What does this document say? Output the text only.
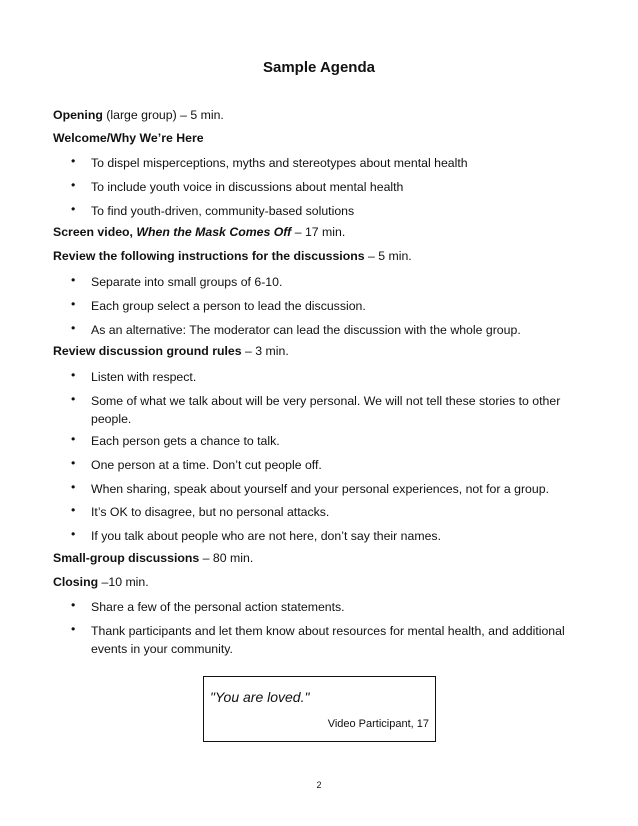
Sample Agenda
Opening (large group) – 5 min.
Welcome/Why We’re Here
• To dispel misperceptions, myths and stereotypes about mental health
• To include youth voice in discussions about mental health
• To find youth-driven, community-based solutions
Screen video, When the Mask Comes Off – 17 min.
Review the following instructions for the discussions – 5 min.
• Separate into small groups of 6-10.
• Each group select a person to lead the discussion.
• As an alternative: The moderator can lead the discussion with the whole group.
Review discussion ground rules – 3 min.
• Listen with respect.
• Some of what we talk about will be very personal. We will not tell these stories to other people.
• Each person gets a chance to talk.
• One person at a time. Don’t cut people off.
• When sharing, speak about yourself and your personal experiences, not for a group.
• It’s OK to disagree, but no personal attacks.
• If you talk about people who are not here, don’t say their names.
Small-group discussions – 80 min.
Closing –10 min.
• Share a few of the personal action statements.
• Thank participants and let them know about resources for mental health, and additional events in your community.
"You are loved."
Video Participant, 17
2
